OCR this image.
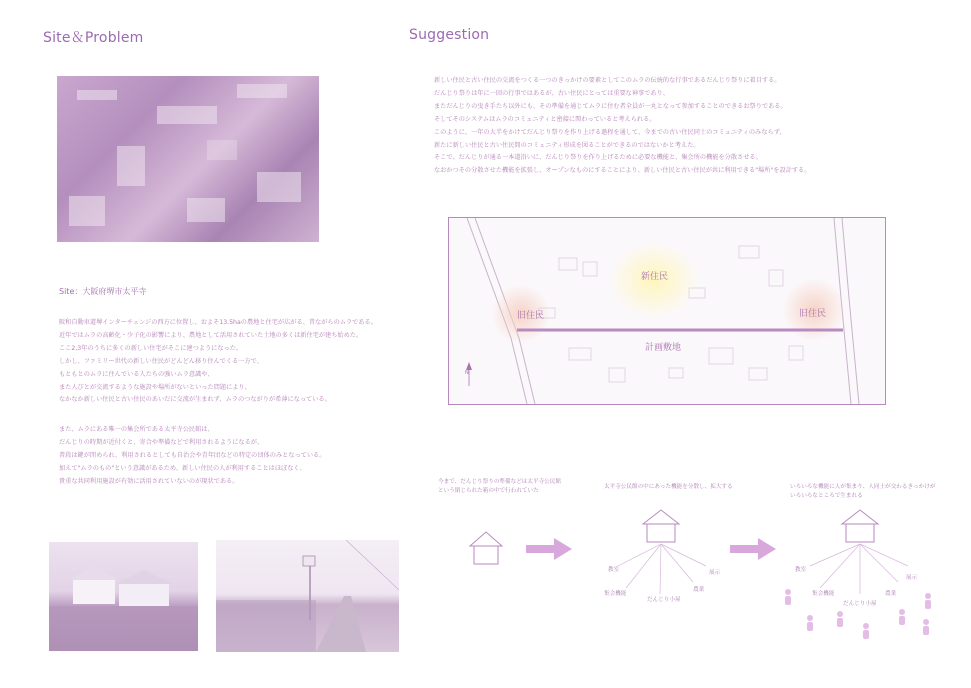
Site＆Problem
Site：大阪府堺市太平寺

阪和自動車道堺インターチェンジの西方に位置し、およそ13.5haの農地と住宅が広がる、昔ながらのムラである。

近年ではムラの高齢化・少子化の影響により、農地として活用されていた土地の多くは新住宅が建ち始めた。

ここ2,3年のうちに多くの新しい住宅がそこに建つようになった。

しかし、ファミリー世代の新しい住民がどんどん移り住んでくる一方で、

もともとのムラに住んでいる人たちの強いムラ意識や、

また人びとが交流するような施設や場所がないといった問題により、

なかなか新しい住民と古い住民のあいだに交流が生まれず、ムラのつながりが希薄になっている。

また、ムラにある唯一の集会所である太平寺公民館は、

だんじりの時期が近付くと、寄合や準備などで利用されるようになるが、

普段は鍵が閉められ、利用されるとしても自治会や青年団などの特定の団体のみとなっている。

加えて"ムラのもの"という意識があるため、新しい住民の人が利用することはほぼなく、

貴重な共同利用施設が有効に活用されていないのが現状である。

Suggestion

新しい住民と古い住民の交流をつくる一つのきっかけの要素としてこのムラの伝統的な行事であるだんじり祭りに着目する。

だんじり祭りは年に一回の行事ではあるが、古い住民にとっては重要な神事であり、

まただんじりの曳き手たち以外にも、その準備を通じてムラに住む者全員が一丸となって参加することのできるお祭りである。

そしてそのシステムはムラのコミュニティと密接に関わっていると考えられる。

このように、一年の大半をかけてだんじり祭りを作り上げる過程を通して、今までの古い住民同士のコミュニティのみならず、

新たに新しい住民と古い住民間のコミュニティ形成を図ることができるのではないかと考えた。

そこで、だんじりが通る一本道沿いに、だんじり祭りを作り上げるために必要な機能と、集会所の機能を分散させる。

なおかつその分散させた機能を拡張し、オープンなものにすることにより、新しい住民と古い住民が共に利用できる"場所"を設計する。

新住民
旧住民	旧住民
計画敷地
N
今まで、だんじり祭りの準備などは太平寺公民館
という閉じられた箱の中で行われていた
太平寺公民館の中にあった機能を分散し、拡大する	いろいろな機能に人が集まり、人同士が交わるきっかけが
いろいろなところで生まれる
教室
集会機能
だんじり小屋
農業
展示	教室
集会機能
だんじり小屋
農業
展示
